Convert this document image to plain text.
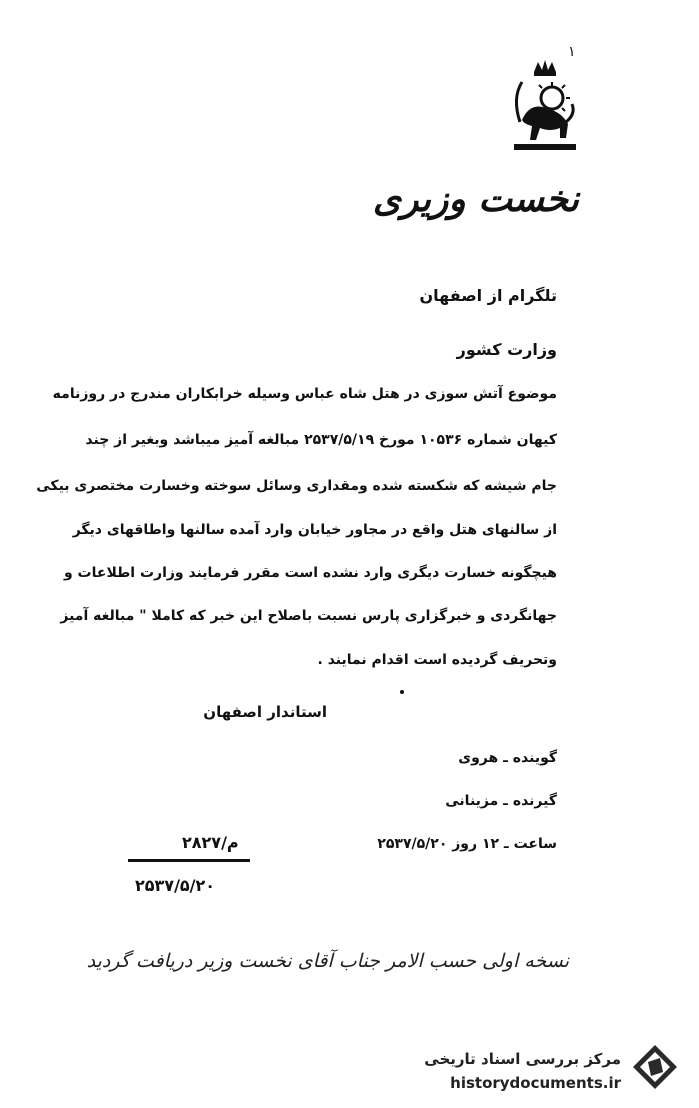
۱
نخست وزیری
تلگرام از اصفهان
وزارت کشور
موضوع آتش سوزی در هتل شاه عباس وسیله خرابکاران مندرج در روزنامه
کیهان شماره ۱۰۵۳۶ مورخ ۲۵۳۷/۵/۱۹ مبالغه آمیز میباشد وبغیر از چند
جام شیشه که شکسته شده ومقداری وسائل سوخته وخسارت مختصری بیکی
از سالنهای هتل واقع در مجاور خیابان وارد آمده سالنها واطاقهای دیگر
هیچگونه خسارت دیگری وارد نشده است مقرر فرمایند وزارت اطلاعات و
جهانگردی و خبرگزاری پارس نسبت باصلاح این خبر که کاملا " مبالغه آمیز
وتحریف گردیده است اقدام نمایند .
استاندار اصفهان
گوینده ـ هروی
گیرنده ـ مزینانی
ساعت ـ ۱۲ روز ۲۵۳۷/۵/۲۰
۲۸۲۷/م
۲۵۳۷/۵/۲۰
نسخه اولی حسب الامر جناب آقای نخست وزیر دریافت گردید
مرکز بررسی اسناد تاریخی
historydocuments.ir
